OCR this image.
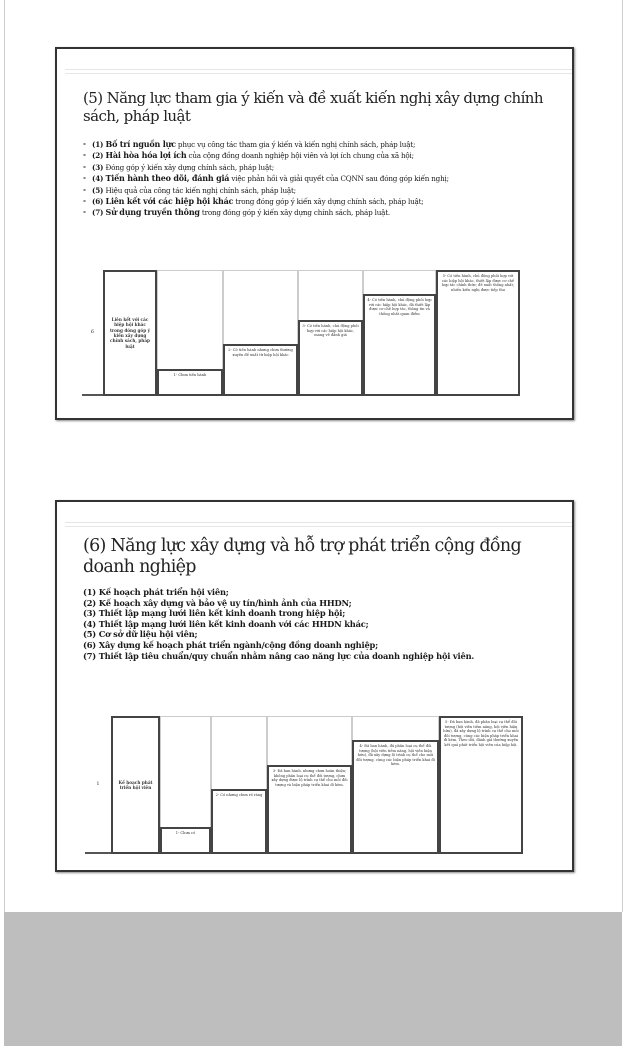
(5) Năng lực tham gia ý kiến và đề xuất kiến nghị xây dựng chính sách, pháp luật
- (1) Bố trí nguồn lực phục vụ công tác tham gia ý kiến và kiến nghị chính sách, pháp luật;
- (2) Hài hòa hóa lợi ích của cộng đồng doanh nghiệp hội viên và lợi ích chung của xã hội;
- (3) Đóng góp ý kiến xây dựng chính sách, pháp luật;
- (4) Tiến hành theo dõi, đánh giá việc phản hồi và giải quyết của CQNN sau đóng góp kiến nghị;
- (5) Hiệu quả của công tác kiến nghị chính sách, pháp luật;
- (6) Liên kết với các hiệp hội khác trong đóng góp ý kiến xây dựng chính sách, pháp luật;
- (7) Sử dụng truyền thông trong đóng góp ý kiến xây dựng chính sách, pháp luật.
6
Liên kết với các hiệp hội khác trong đóng góp ý kiến xây dựng chính sách, pháp luật
1- Chưa tiến hành
2- Có tiến hành nhưng chưa thường xuyên đề xuất từ hiệp hội khác
3- Có tiến hành, chủ động phối hợp với các hiệp hội khác, mang về đánh giá
4- Có tiến hành, chủ động phối hợp với các hiệp hội khác, đã thiết lập được cơ chế hợp tác, thông tin và thống nhất quan điểm
5- Có tiến hành, chủ động phối hợp với các hiệp hội khác, thiết lập được cơ chế hợp tác chính thức; đề xuất thống nhất; nhiều kiến nghị được tiếp thu
(6) Năng lực xây dựng và hỗ trợ phát triển cộng đồng doanh nghiệp
(1) Kế hoạch phát triển hội viên;
(2) Kế hoạch xây dựng và bảo vệ uy tín/hình ảnh của HHDN;
(3) Thiết lập mạng lưới liên kết kinh doanh trong hiệp hội;
(4) Thiết lập mạng lưới liên kết kinh doanh với các HHDN khác;
(5) Cơ sở dữ liệu hội viên;
(6) Xây dựng kế hoạch phát triển ngành/cộng đồng doanh nghiệp;
(7) Thiết lập tiêu chuẩn/quy chuẩn nhằm nâng cao năng lực của doanh nghiệp hội viên.
1	Kế hoạch phát triển hội viên
1- Chưa có
2- Có nhưng chưa rõ ràng
3- Đã ban hành, nhưng chưa hoàn thiện; không phân loại cụ thể đối tượng, chưa xây dựng được lộ trình cụ thể cho mỗi đối tượng và biện pháp triển khai đi kèm.
4- Đã ban hành, đã phân loại cụ thể đối tượng (hội viên tiềm năng, hội viên hiện hữu), đã xây dựng lộ trình cụ thể cho mỗi đối tượng, cùng các biện pháp triển khai đi kèm.
5- Đã ban hành, đã phân loại cụ thể đối tượng (hội viên tiềm năng, hội viên hiện hữu), đã xây dựng lộ trình cụ thể cho mỗi đối tượng, cùng các biện pháp triển khai đi kèm. Theo dõi, đánh giá thường xuyên kết quả phát triển hội viên của hiệp hội.
